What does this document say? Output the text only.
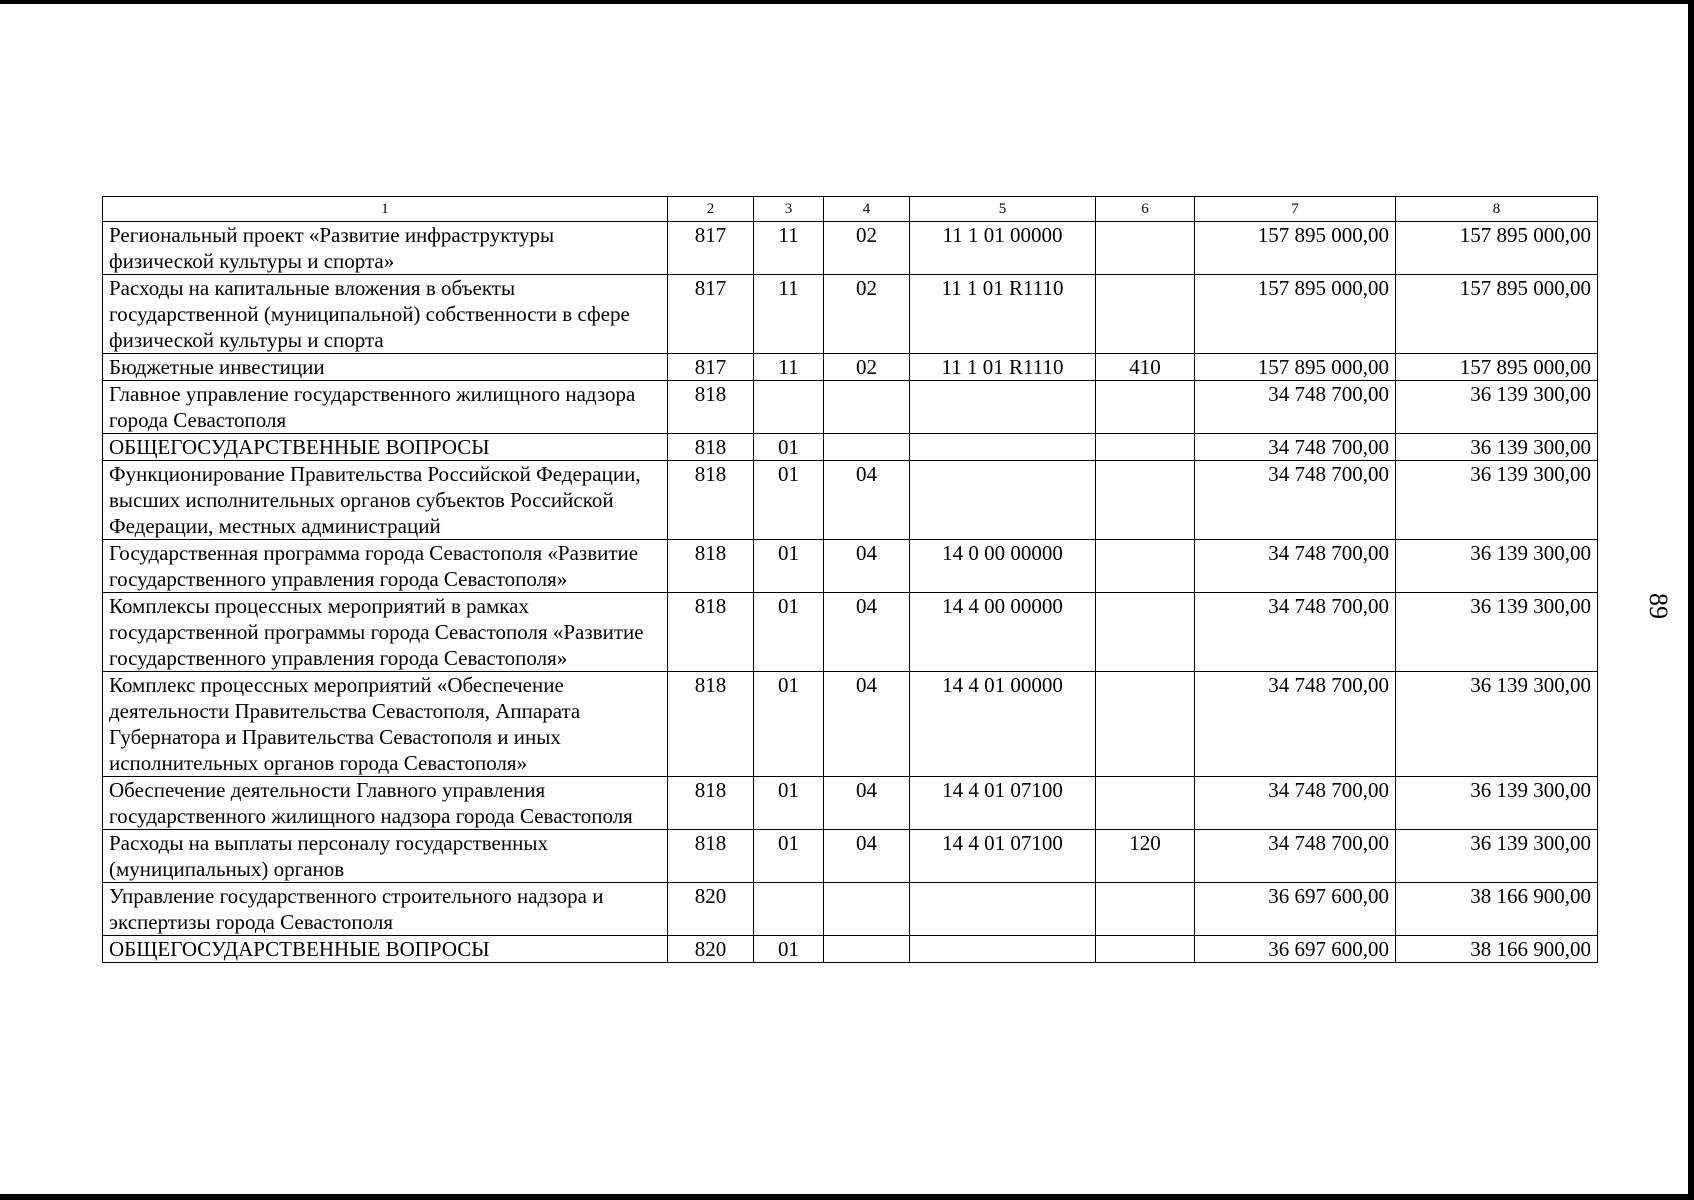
89
1	2	3	4	5	6	7	8
Региональный проект «Развитие инфраструктуры физической культуры и спорта»	817	11	02	11 1 01 00000		157 895 000,00	157 895 000,00
Расходы на капитальные вложения в объекты государственной (муниципальной) собственности в сфере физической культуры и спорта	817	11	02	11 1 01 R1110		157 895 000,00	157 895 000,00
Бюджетные инвестиции	817	11	02	11 1 01 R1110	410	157 895 000,00	157 895 000,00
Главное управление государственного жилищного надзора города Севастополя	818					34 748 700,00	36 139 300,00
ОБЩЕГОСУДАРСТВЕННЫЕ ВОПРОСЫ	818	01				34 748 700,00	36 139 300,00
Функционирование Правительства Российской Федерации, высших исполнительных органов субъектов Российской Федерации, местных администраций	818	01	04			34 748 700,00	36 139 300,00
Государственная программа города Севастополя «Развитие государственного управления города Севастополя»	818	01	04	14 0 00 00000		34 748 700,00	36 139 300,00
Комплексы процессных мероприятий в рамках государственной программы города Севастополя «Развитие государственного управления города Севастополя»	818	01	04	14 4 00 00000		34 748 700,00	36 139 300,00
Комплекс процессных мероприятий «Обеспечение деятельности Правительства Севастополя, Аппарата Губернатора и Правительства Севастополя и иных исполнительных органов города Севастополя»	818	01	04	14 4 01 00000		34 748 700,00	36 139 300,00
Обеспечение деятельности Главного управления государственного жилищного надзора города Севастополя	818	01	04	14 4 01 07100		34 748 700,00	36 139 300,00
Расходы на выплаты персоналу государственных (муниципальных) органов	818	01	04	14 4 01 07100	120	34 748 700,00	36 139 300,00
Управление государственного строительного надзора и экспертизы города Севастополя	820					36 697 600,00	38 166 900,00
ОБЩЕГОСУДАРСТВЕННЫЕ ВОПРОСЫ	820	01				36 697 600,00	38 166 900,00
